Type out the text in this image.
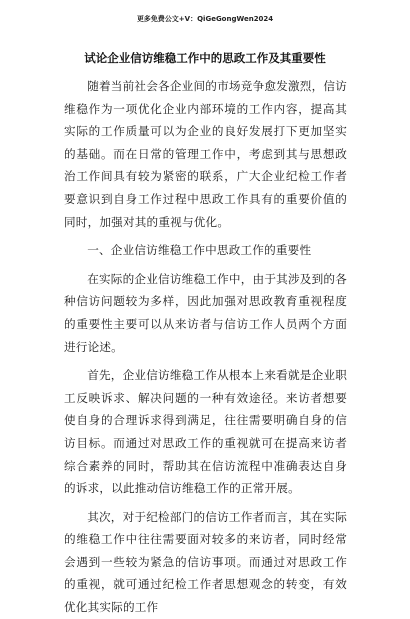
更多免费公文+V：QiGeGongWen2024
试论企业信访维稳工作中的思政工作及其重要性

随着当前社会各企业间的市场竞争愈发激烈，信访维稳作为一项优化企业内部环境的工作内容，提高其实际的工作质量可以为企业的良好发展打下更加坚实的基础。而在日常的管理工作中，考虑到其与思想政治工作间具有较为紧密的联系，广大企业纪检工作者要意识到自身工作过程中思政工作具有的重要价值的同时，加强对其的重视与优化。

一、企业信访维稳工作中思政工作的重要性

在实际的企业信访维稳工作中，由于其涉及到的各种信访问题较为多样，因此加强对思政教育重视程度的重要性主要可以从来访者与信访工作人员两个方面进行论述。

首先，企业信访维稳工作从根本上来看就是企业职工反映诉求、解决问题的一种有效途径。来访者想要使自身的合理诉求得到满足，往往需要明确自身的信访目标。而通过对思政工作的重视就可在提高来访者综合素养的同时，帮助其在信访流程中准确表达自身的诉求，以此推动信访维稳工作的正常开展。

其次，对于纪检部门的信访工作者而言，其在实际的维稳工作中往往需要面对较多的来访者，同时经常会遇到一些较为紧急的信访事项。而通过对思政工作的重视，就可通过纪检工作者思想观念的转变，有效优化其实际的工作
